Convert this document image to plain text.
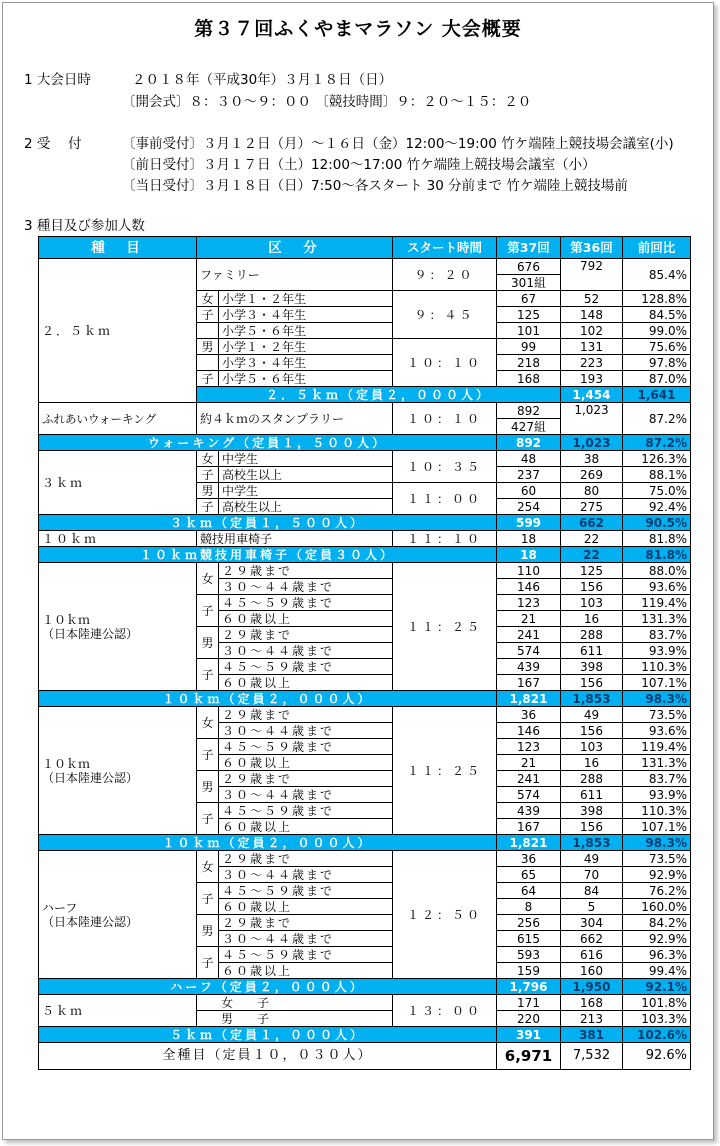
第３７回ふくやまマラソン 大会概要
1 大会日時	２０１８年（平成30年）３月１８日（日）
〔開会式〕８：３０〜９：００ 〔競技時間〕９：２０〜１５：２０
2 受　 付	〔事前受付〕３月１２日（月）〜１６日（金）12:00〜19:00 竹ケ端陸上競技場会議室(小)
〔前日受付〕３月１７日（土）12:00〜17:00 竹ケ端陸上競技場会議室（小）
〔当日受付〕３月１８日（日）7:50〜各スタート 30 分前まで 竹ケ端陸上競技場前
3 種目及び参加人数
種　目	区　分		スタート時間	第37回	第36回	前回比	
２．５ｋｍ	ファミリー		９：２０	676	792	85.4%	
				301組			
	女	小学１・２年生	９：４５	67	52	128.8%	
	子	小学３・４年生		125	148	84.5%	
		小学５・６年生		101	102	99.0%	
	男	小学１・２年生	１０：１０	99	131	75.6%	
		小学３・４年生		218	223	97.8%	
	子	小学５・６年生		168	193	87.0%	
	２．５ｋｍ（定員２，０００人）				1,454	1,641	
ふれあいウォーキング	約４ｋｍのスタンプラリー		１０：１０	892	1,023	87.2%	
				427組			
ウォーキング（定員１，５００人）				892	1,023	87.2%	
３ｋｍ	女	中学生	１０：３５	48	38	126.3%	
	子	高校生以上		237	269	88.1%	
	男	中学生	１１：００	60	80	75.0%	
	子	高校生以上		254	275	92.4%	
３ｋｍ（定員１，５００人）				599	662	90.5%	
１０ｋｍ	競技用車椅子		１１：１０	18	22	81.8%	
１０ｋｍ競技用車椅子（定員３０人）				18	22	81.8%	

１０ｋｍ
（日本陸連公認）	女	２９歳まで	１１：２５	110	125	88.0%	
		３０〜４４歳まで		146	156	93.6%	
	子	４５〜５９歳まで		123	103	119.4%	
		６０歳以上		21	16	131.3%	
	男	２９歳まで		241	288	83.7%	
		３０〜４４歳まで		574	611	93.9%	
	子	４５〜５９歳まで		439	398	110.3%	
		６０歳以上		167	156	107.1%	
１０ｋｍ（定員２，０００人）				1,821	1,853	98.3%	

１０ｋｍ
（日本陸連公認）	女	２９歳まで	１１：２５	36	49	73.5%	
		３０〜４４歳まで		146	156	93.6%	
	子	４５〜５９歳まで		123	103	119.4%	
		６０歳以上		21	16	131.3%	
	男	２９歳まで		241	288	83.7%	
		３０〜４４歳まで		574	611	93.9%	
	子	４５〜５９歳まで		439	398	110.3%	
		６０歳以上		167	156	107.1%	
１０ｋｍ（定員２，０００人）				1,821	1,853	98.3%	

ハーフ
（日本陸連公認）	女	２９歳まで	１２：５０	36	49	73.5%	
		３０〜４４歳まで		65	70	92.9%	
	子	４５〜５９歳まで		64	84	76.2%	
		６０歳以上		8	5	160.0%	
	男	２９歳まで		256	304	84.2%	
		３０〜４４歳まで		615	662	92.9%	
	子	４５〜５９歳まで		593	616	96.3%	
		６０歳以上		159	160	99.4%	
ハーフ（定員２，０００人）				1,796	1,950	92.1%	
５ｋｍ	女　　子		１３：００	171	168	101.8%	
	男　　子			220	213	103.3%	
５ｋｍ（定員１，０００人）				391	381	102.6%	
全種目（定員１０，０３０人）				6,971	7,532	92.6%	
